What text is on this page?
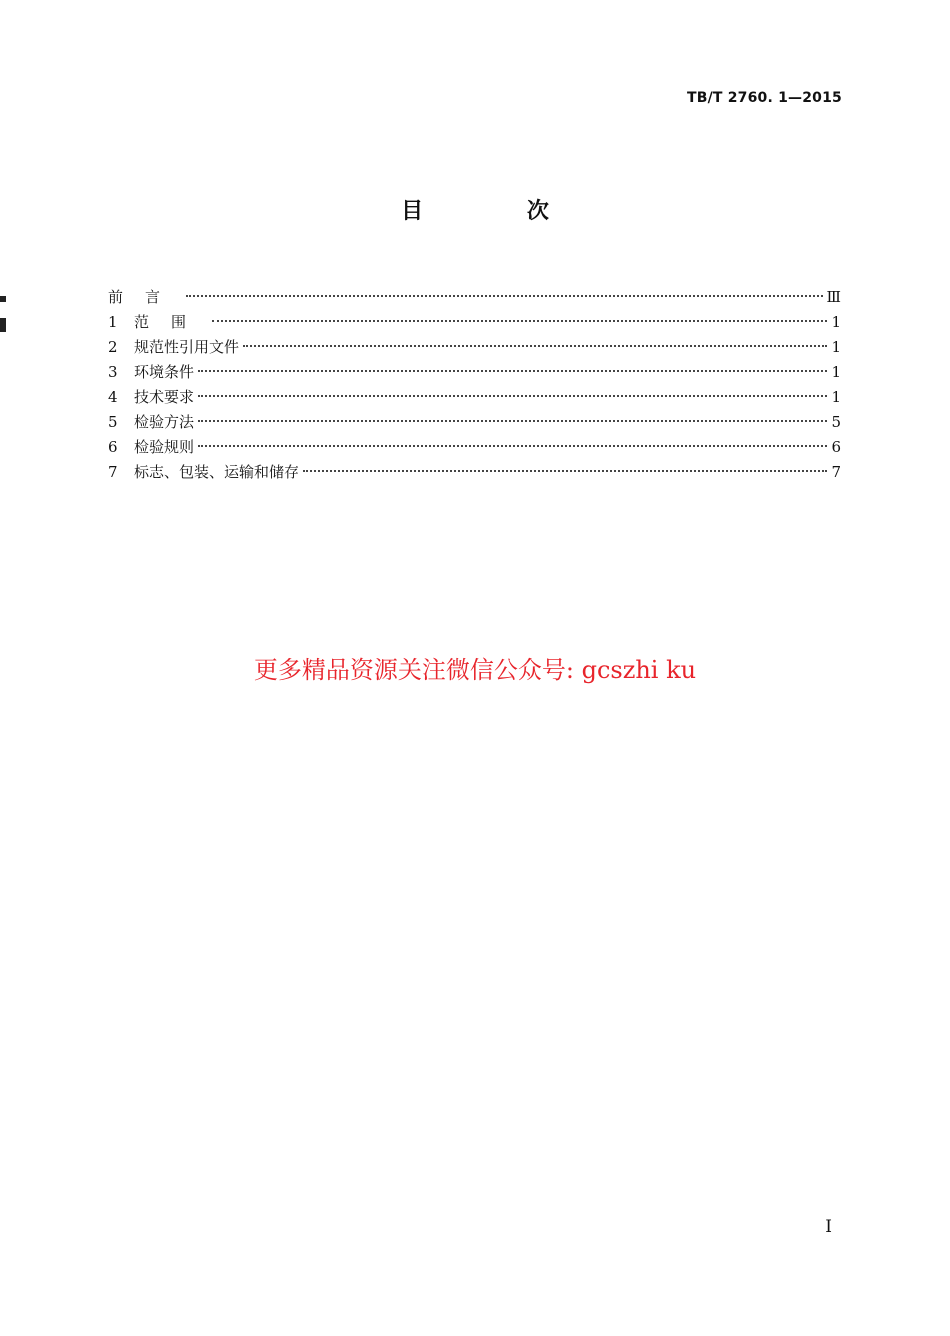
TB/T 2760. 1—2015
目 次
前言	Ⅲ
1	范围	1
2	规范性引用文件	1
3	环境条件	1
4	技术要求	1
5	检验方法	5
6	检验规则	6
7	标志、包装、运输和储存	7
更多精品资源关注微信公众号: gcszhi ku
I
